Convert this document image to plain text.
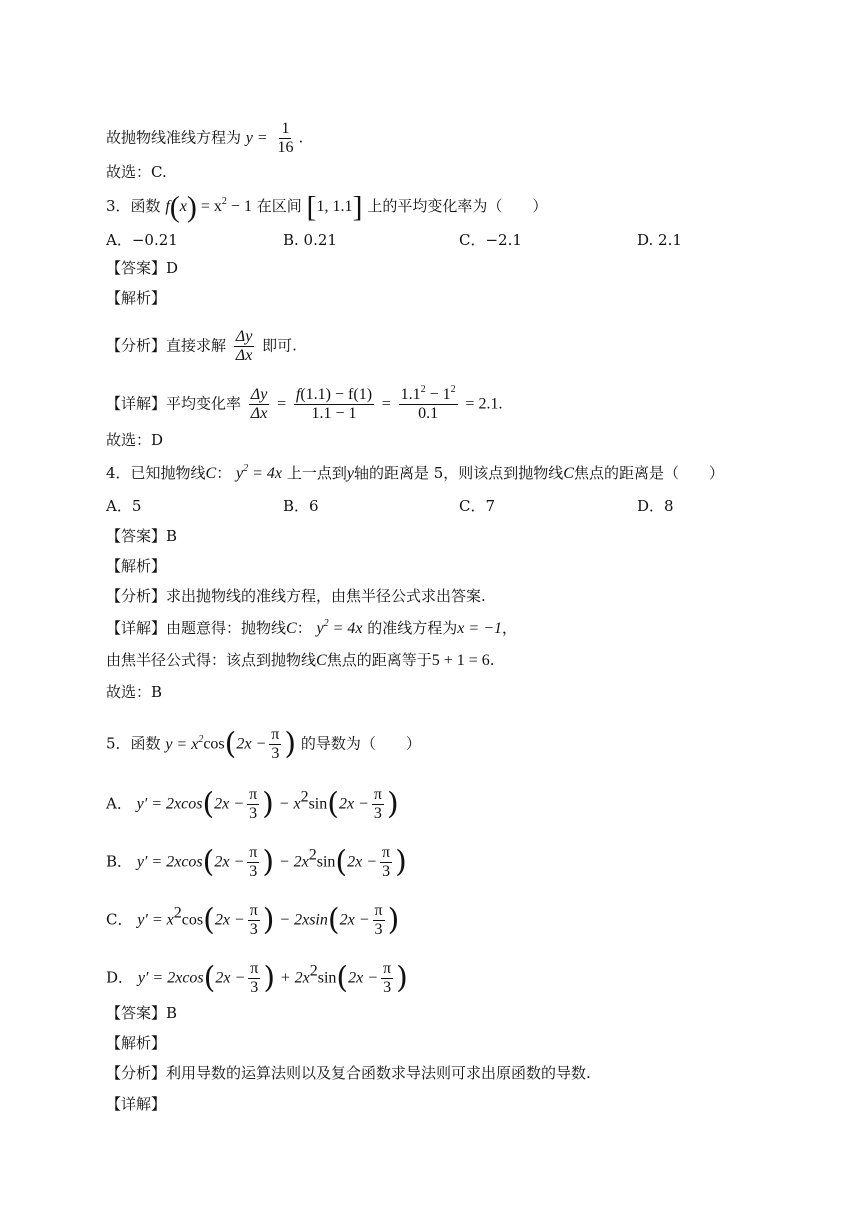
故抛物线准线方程为 $y = \frac{1}{16}$ .
故选：C.
3．函数 $f(x) = x^2 - 1$ 在区间 [1, 1.1] 上的平均变化率为（　　）
A．−0.21	B. 0.21	C．−2.1	D. 2.1
【答案】D
【解析】
【分析】直接求解 $\frac{\Delta y}{\Delta x}$ 即可.
【详解】平均变化率 $\frac{\Delta y}{\Delta x} = \frac{f(1.1) - f(1)}{1.1 - 1} = \frac{1.1^2 - 1^2}{0.1} = 2.1$.
故选：D
4．已知抛物线C： $y^2 = 4x$ 上一点到y轴的距离是 5，则该点到抛物线C焦点的距离是（　　）
A．5	B．6	C．7	D．8
【答案】B
【解析】
【分析】求出抛物线的准线方程，由焦半径公式求出答案.
【详解】由题意得：抛物线C： $y^2 = 4x$ 的准线方程为x = −1，
由焦半径公式得：该点到抛物线C焦点的距离等于5 + 1 = 6.
故选：B
5．函数 $y = x^2\cos(2x - \frac{\pi}{3}$ ) 的导数为（　　）
A． $y' = 2xcos(2x - \frac{\pi}{3}$ ) − $x^2\sin(2x - \frac{\pi}{3}$ )
B． $y' = 2xcos(2x - \frac{\pi}{3}$ ) − $2x^2\sin(2x - \frac{\pi}{3}$ )
C． $y' = x^2\cos(2x - \frac{\pi}{3}$ ) − $2xsin(2x - \frac{\pi}{3}$ )
D． $y' = 2xcos(2x - \frac{\pi}{3}$ ) + $2x^2\sin(2x - \frac{\pi}{3}$ )
【答案】B
【解析】
【分析】利用导数的运算法则以及复合函数求导法则可求出原函数的导数.
【详解】
